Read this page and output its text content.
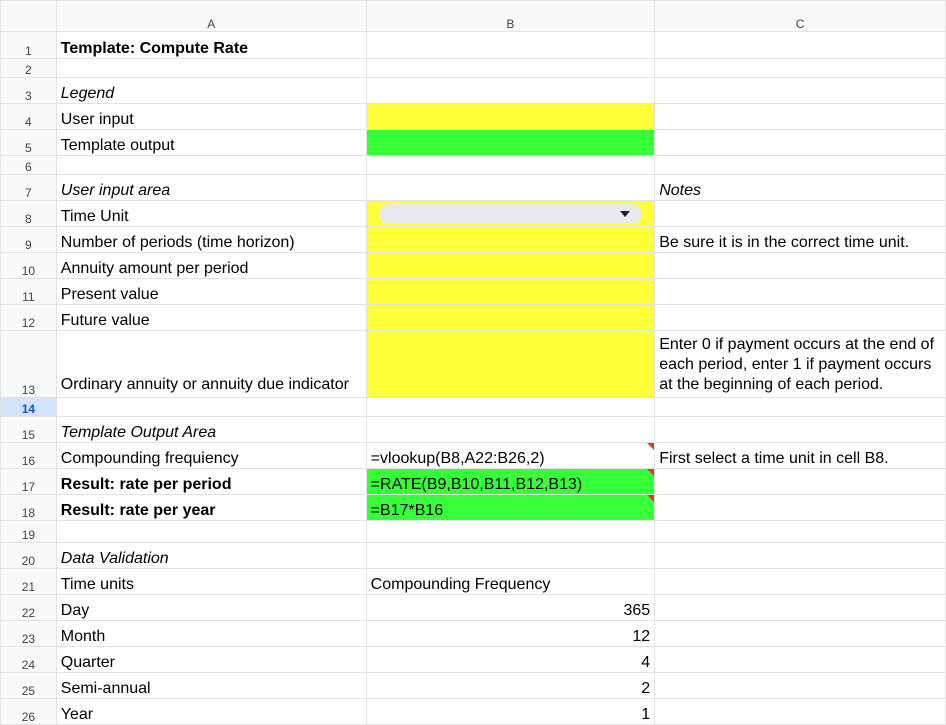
	A	B	C
1	Template: Compute Rate		
2			
3	Legend		
4	User input		
5	Template output		
6			
7	User input area		Notes
8	Time Unit	

9	Number of periods (time horizon)		Be sure it is in the correct time unit.
10	Annuity amount per period		
11	Present value		
12	Future value		
13	Ordinary annuity or annuity due indicator		Enter 0 if payment occurs at the end of each period, enter 1 if payment occurs at the beginning of each period.
14			
15	Template Output Area		
16	Compounding frequiency	=vlookup(B8,A22:B26,2)	First select a time unit in cell B8.
17	Result: rate per period	=RATE(B9,B10,B11,B12,B13)

18	Result: rate per year	=B17*B16

19			
20	Data Validation		
21	Time units	Compounding Frequency	
22	Day	365	
23	Month	12	
24	Quarter	4	
25	Semi-annual	2	
26	Year	1	
